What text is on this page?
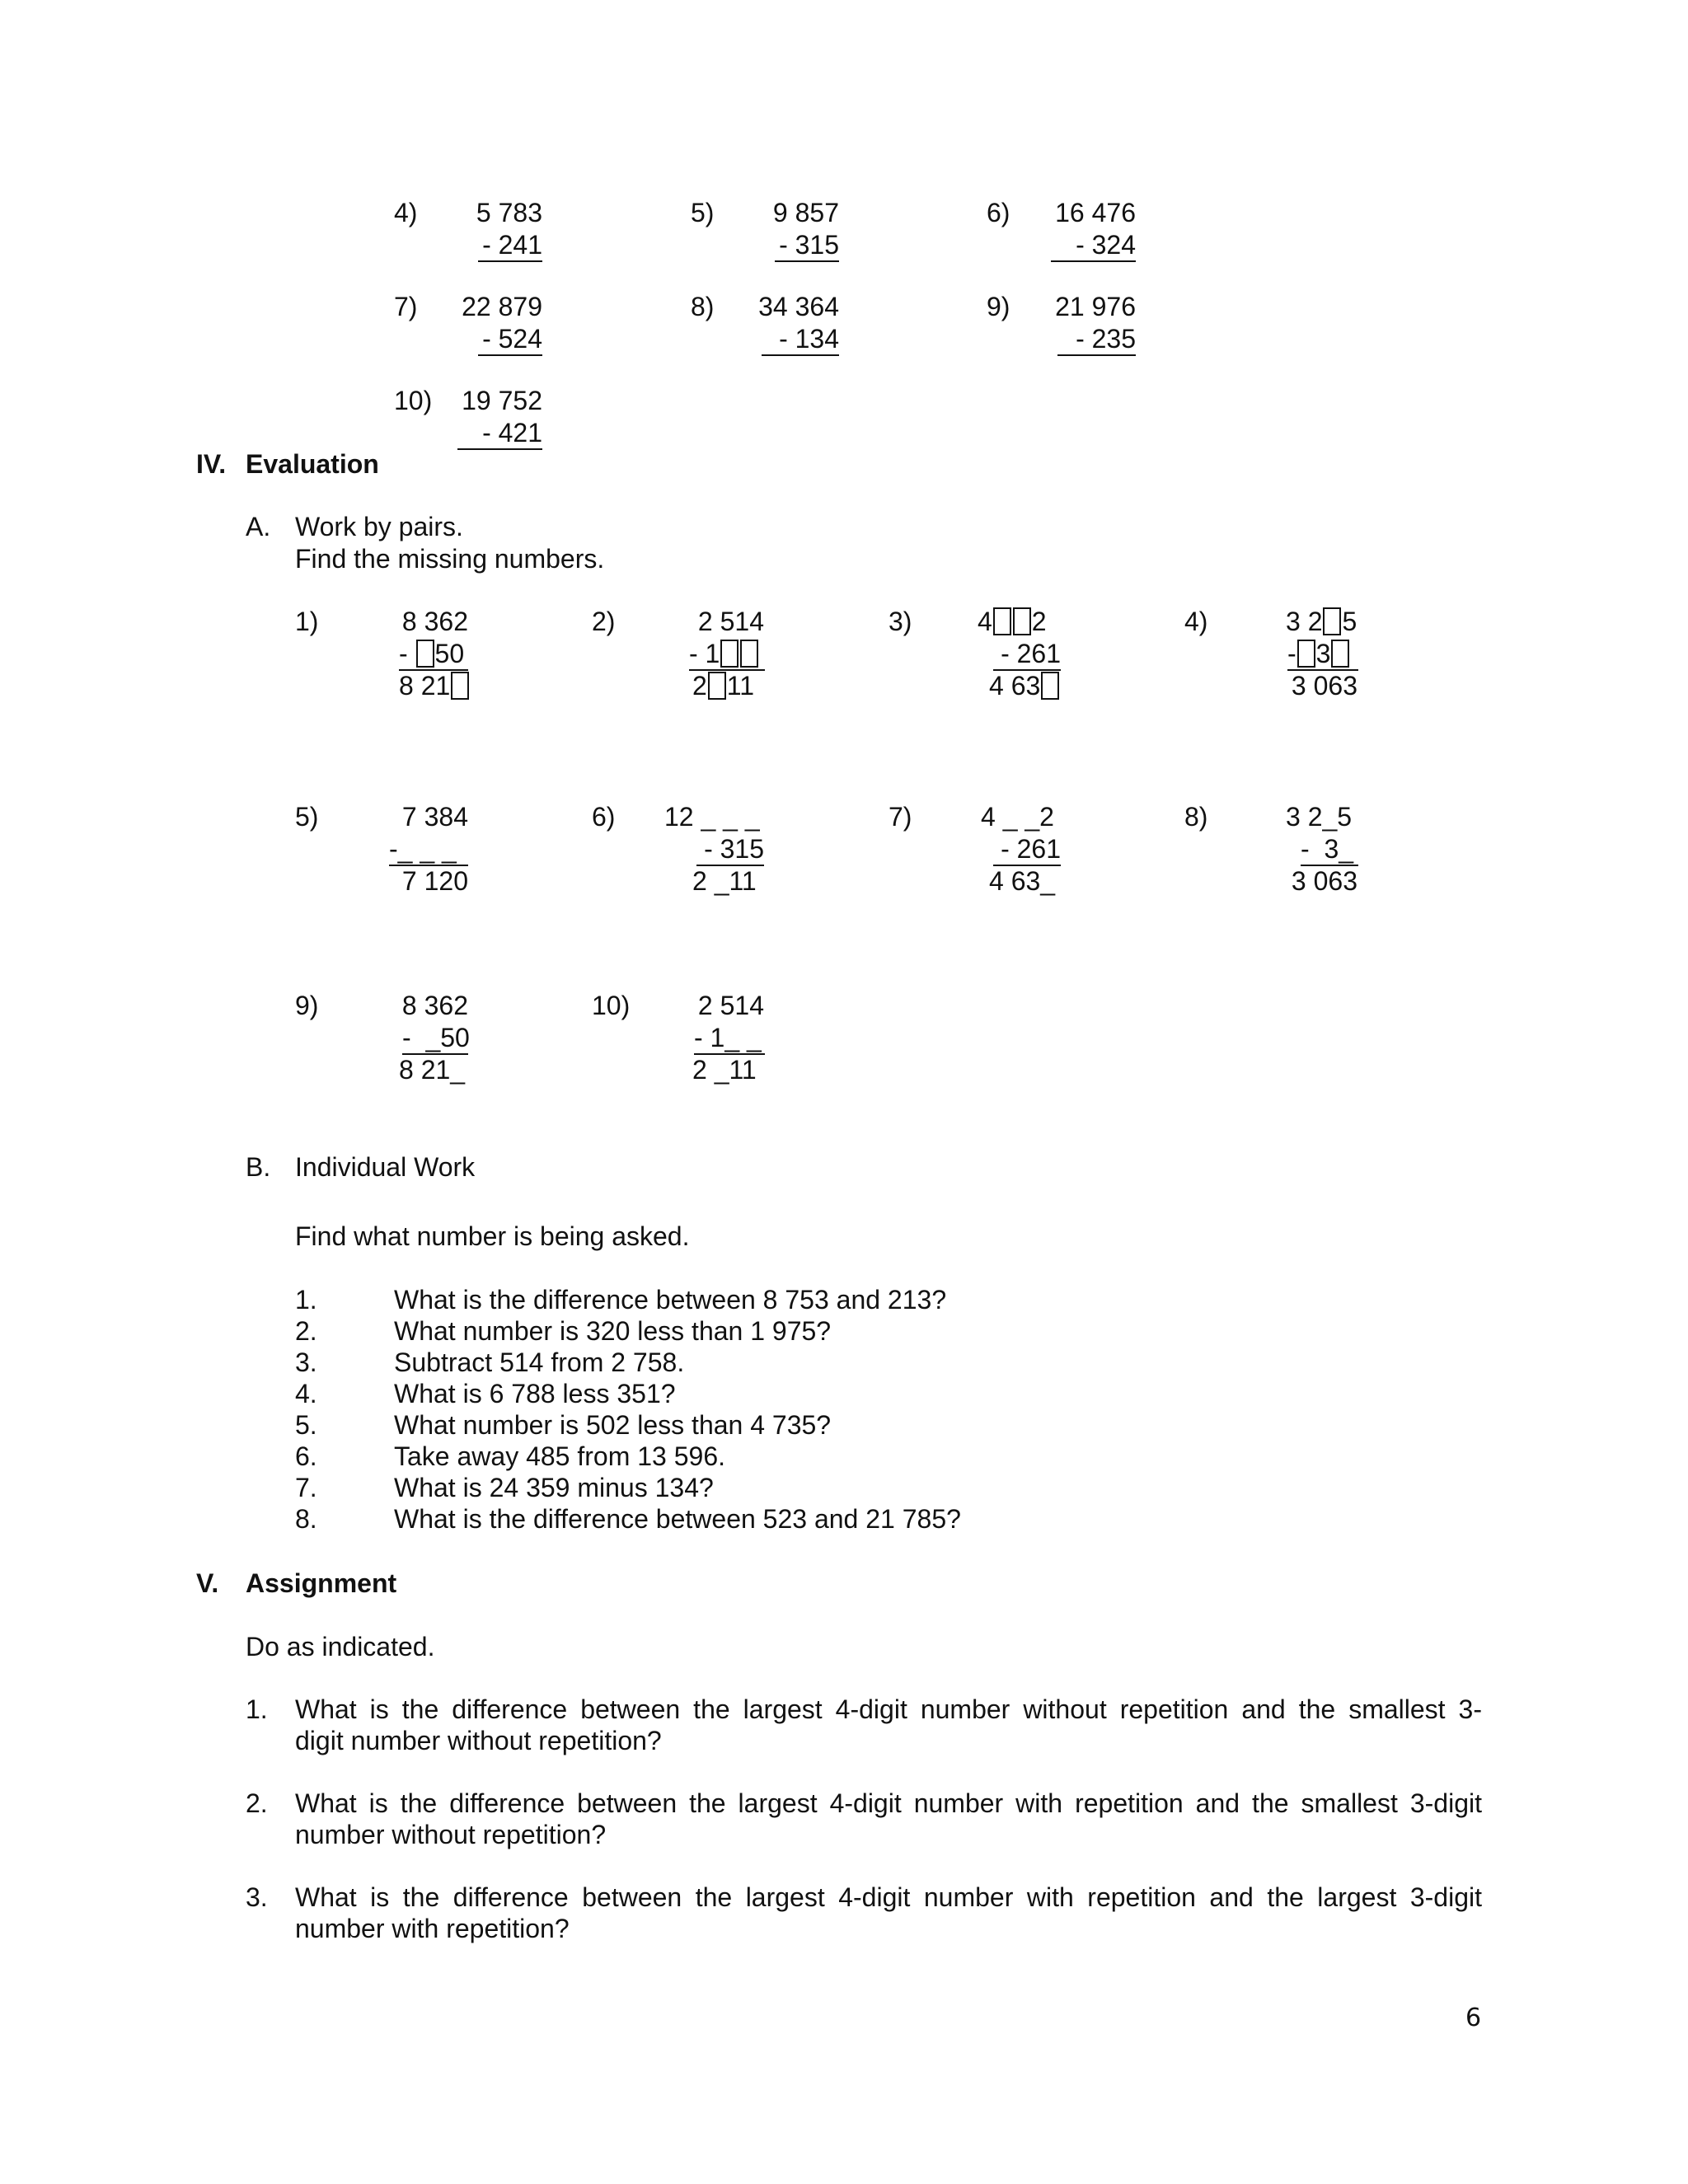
4)	5 783
- 241
5)	9 857
- 315
6)	16 476
- 324
7)	22 879
- 524
8)	34 364
- 134
9)	21 976
- 235
10)	19 752
- 421
IV. Evaluation
A. Work by pairs.
Find the missing numbers.
1)	8 362
- 50
8 21
2)	2 514
- 1
2 11
3) 4 2
- 261
4 63
4)	3 2 5
- 3
3 063
5)	7 384
-_ _ _
7 120
6) 12 _ _ _
- 315
2 _11
7)	4 _ _2
- 261
4 63_
8)	3 2_5
-  3_
3 063
9)	8 362
-  _50
8 21_
10)	2 514
- 1_ _
2 _11
B. Individual Work
Find what number is being asked.
1.	What is the difference between 8 753 and 213?
2.	What number is 320 less than 1 975?
3.	Subtract 514 from 2 758.
4.	What is 6 788 less 351?
5.	What number is 502 less than 4 735?
6.	Take away 485 from 13 596.
7.	What is 24 359 minus 134?
8.	What is the difference between 523 and 21 785?
V. Assignment
Do as indicated.
1. What is the difference between the largest 4-digit number without repetition and the smallest 3-
digit number without repetition?
2. What is the difference between the largest 4-digit number with repetition and the smallest 3-digit
number without repetition?
3. What is the difference between the largest 4-digit number with repetition and the largest 3-digit
number with repetition?
6
